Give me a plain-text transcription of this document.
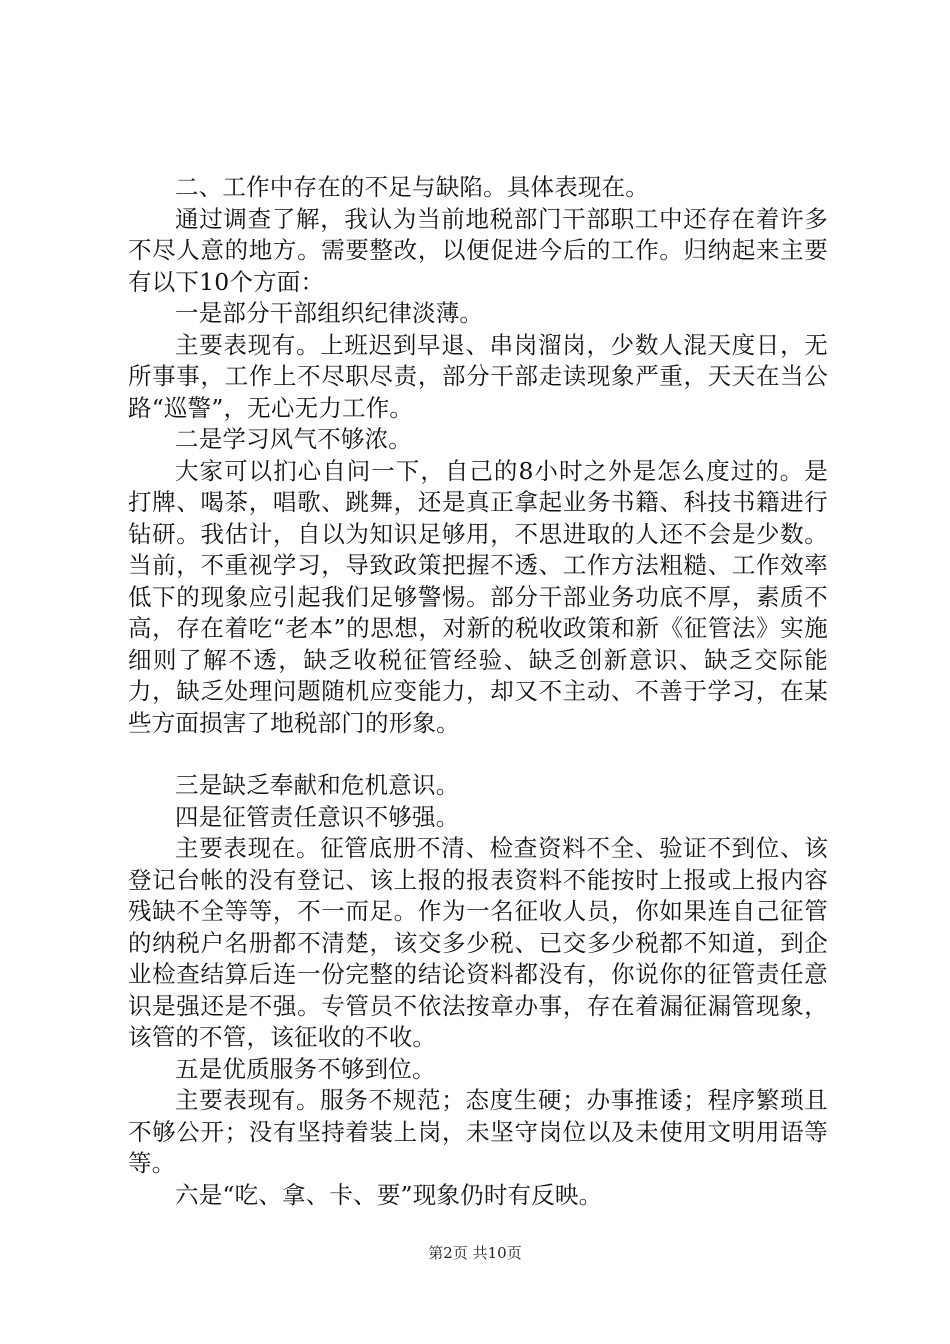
二、工作中存在的不足与缺陷。具体表现在。

通过调查了解，我认为当前地税部门干部职工中还存在着许多不尽人意的地方。需要整改，以便促进今后的工作。归纳起来主要有以下10个方面：

一是部分干部组织纪律淡薄。

主要表现有。上班迟到早退、串岗溜岗，少数人混天度日，无所事事，工作上不尽职尽责，部分干部走读现象严重，天天在当公路“巡警”，无心无力工作。

二是学习风气不够浓。

大家可以扪心自问一下，自己的8小时之外是怎么度过的。是打牌、喝茶，唱歌、跳舞，还是真正拿起业务书籍、科技书籍进行钻研。我估计，自以为知识足够用，不思进取的人还不会是少数。当前，不重视学习，导致政策把握不透、工作方法粗糙、工作效率低下的现象应引起我们足够警惕。部分干部业务功底不厚，素质不高，存在着吃“老本”的思想，对新的税收政策和新《征管法》实施细则了解不透，缺乏收税征管经验、缺乏创新意识、缺乏交际能力，缺乏处理问题随机应变能力，却又不主动、不善于学习，在某些方面损害了地税部门的形象。

三是缺乏奉献和危机意识。

四是征管责任意识不够强。

主要表现在。征管底册不清、检查资料不全、验证不到位、该登记台帐的没有登记、该上报的报表资料不能按时上报或上报内容残缺不全等等，不一而足。作为一名征收人员，你如果连自己征管的纳税户名册都不清楚，该交多少税、已交多少税都不知道，到企业检查结算后连一份完整的结论资料都没有，你说你的征管责任意识是强还是不强。专管员不依法按章办事，存在着漏征漏管现象，该管的不管，该征收的不收。

五是优质服务不够到位。

主要表现有。服务不规范；态度生硬；办事推诿；程序繁琐且不够公开；没有坚持着装上岗，未坚守岗位以及未使用文明用语等等。

六是“吃、拿、卡、要”现象仍时有反映。

第2页 共10页
